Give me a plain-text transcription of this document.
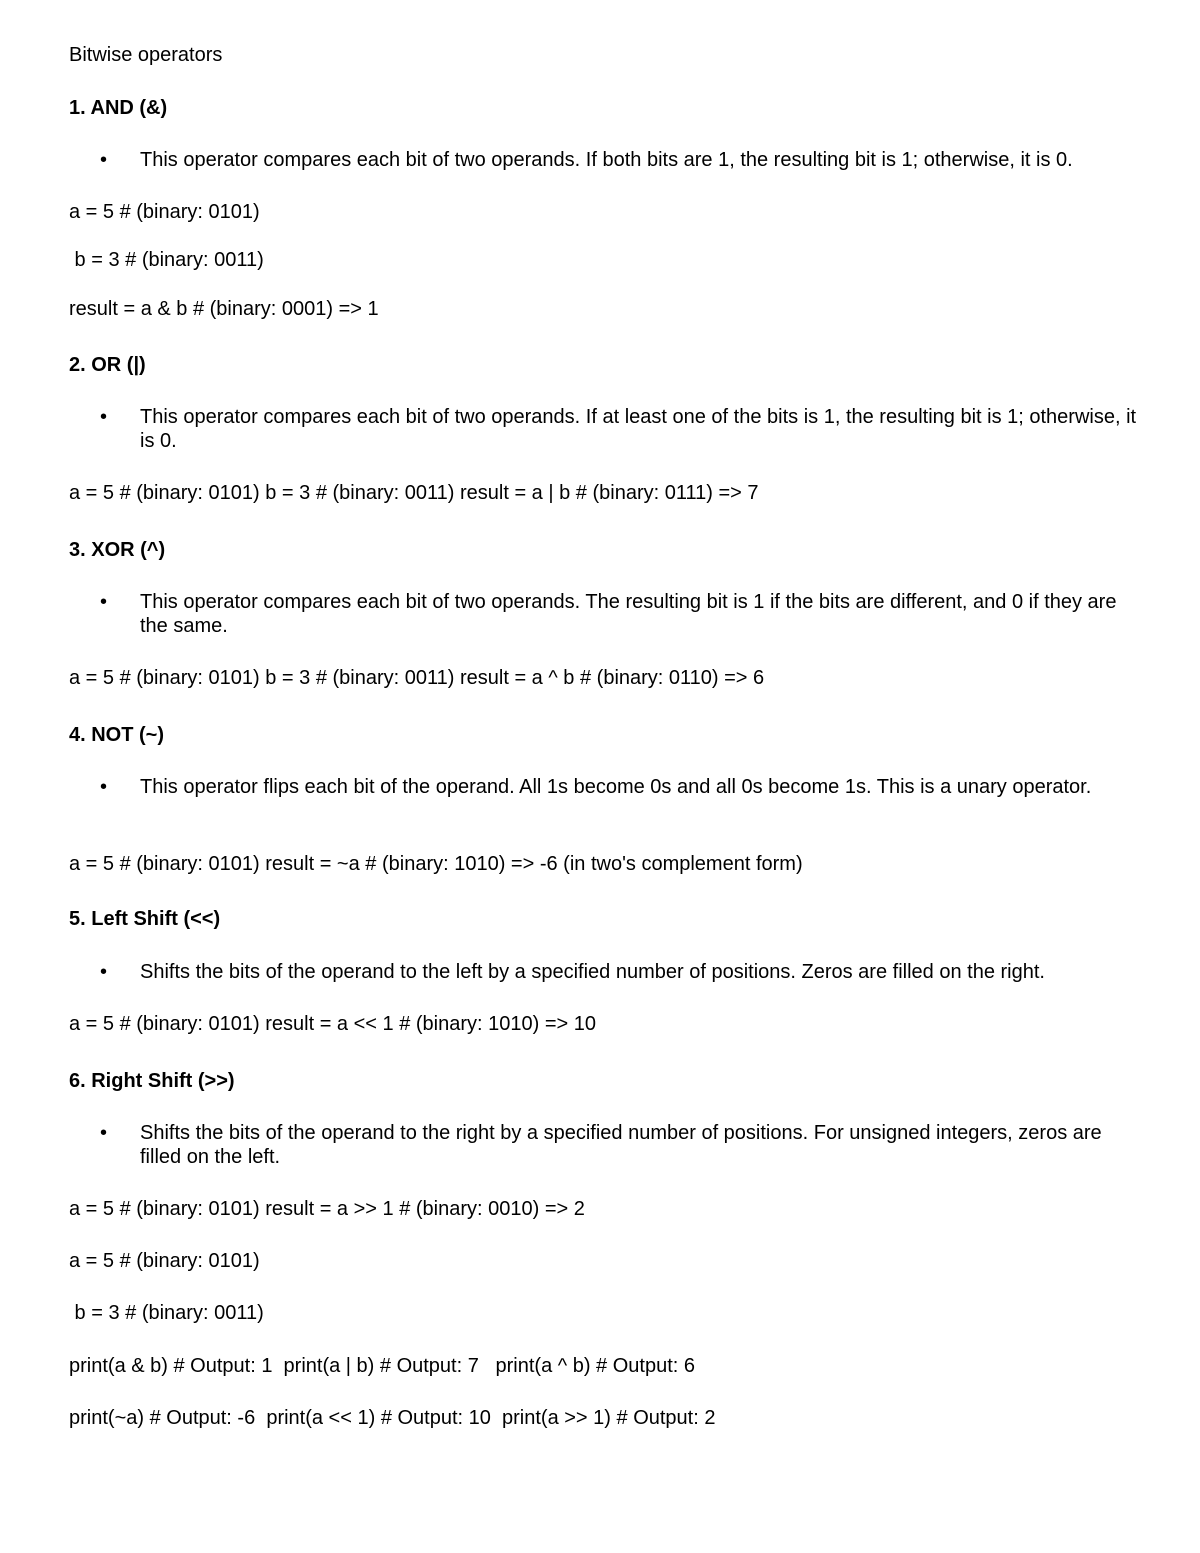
Bitwise operators
1. AND (&)
•	This operator compares each bit of two operands. If both bits are 1, the resulting bit is 1; otherwise, it is 0.
a = 5 # (binary: 0101)
b = 3 # (binary: 0011)
result = a & b # (binary: 0001) => 1
2. OR (|)
•	This operator compares each bit of two operands. If at least one of the bits is 1, the resulting bit is 1; otherwise, it is 0.
a = 5 # (binary: 0101) b = 3 # (binary: 0011) result = a | b # (binary: 0111) => 7
3. XOR (^)
•	This operator compares each bit of two operands. The resulting bit is 1 if the bits are different, and 0 if they are the same.
a = 5 # (binary: 0101) b = 3 # (binary: 0011) result = a ^ b # (binary: 0110) => 6
4. NOT (~)
•	This operator flips each bit of the operand. All 1s become 0s and all 0s become 1s. This is a unary operator.
a = 5 # (binary: 0101) result = ~a # (binary: 1010) => -6 (in two's complement form)
5. Left Shift (<<)
•	Shifts the bits of the operand to the left by a specified number of positions. Zeros are filled on the right.
a = 5 # (binary: 0101) result = a << 1 # (binary: 1010) => 10
6. Right Shift (>>)
•	Shifts the bits of the operand to the right by a specified number of positions. For unsigned integers, zeros are filled on the left.
a = 5 # (binary: 0101) result = a >> 1 # (binary: 0010) => 2
a = 5 # (binary: 0101)
b = 3 # (binary: 0011)
print(a & b) # Output: 1  print(a | b) # Output: 7   print(a ^ b) # Output: 6
print(~a) # Output: -6  print(a << 1) # Output: 10  print(a >> 1) # Output: 2
